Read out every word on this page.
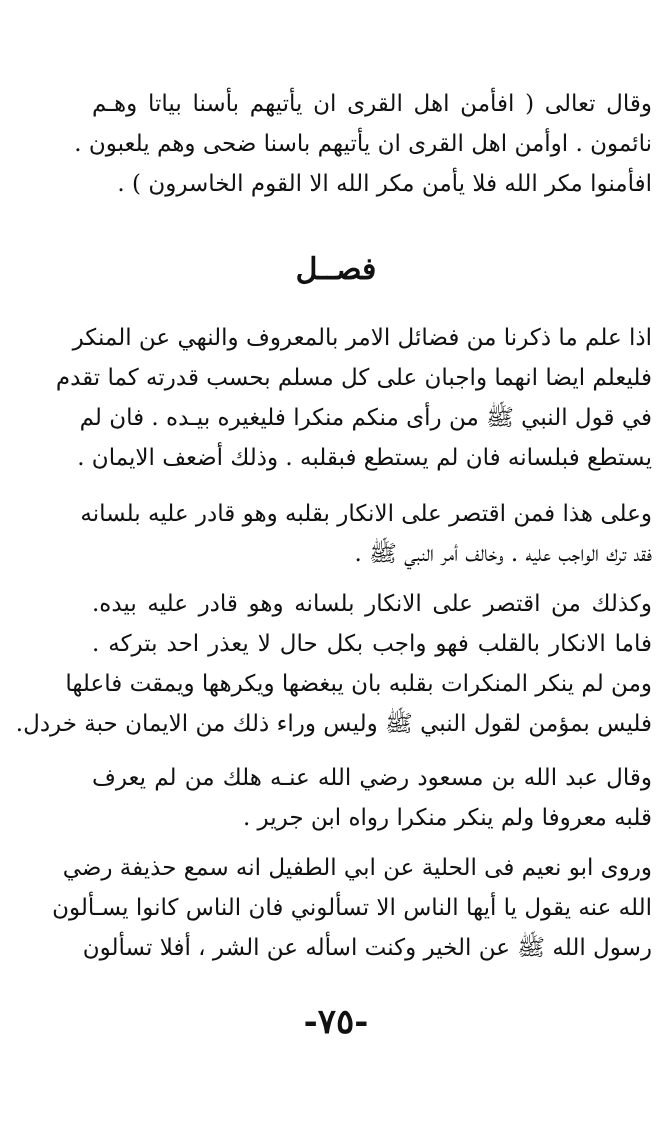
وقال تعالى ( افأمن اهل القرى ان يأتيهم بأسنا بياتا وهـم
نائمون . اوأمن اهل القرى ان يأتيهم باسنا ضحى وهم يلعبون .
افأمنوا مكر الله فلا يأمن مكر الله الا القوم الخاسرون ) .
فصــل
اذا علم ما ذكرنا من فضائل الامر بالمعروف والنهي عن المنكر
فليعلم ايضا انهما واجبان على كل مسلم بحسب قدرته كما تقدم
في قول النبي ﷺ من رأى منكم منكرا فليغيره بيـده . فان لم
يستطع فبلسانه فان لم يستطع فبقلبه . وذلك أضعف الايمان .
وعلى هذا فمن اقتصر على الانكار بقلبه وهو قادر عليه بلسانه
فقد ترك الواجب عليه . وخالف أمر النبي ﷺ .
وكذلك من اقتصر على الانكار بلسانه وهو قادر عليه بيده.
فاما الانكار بالقلب فهو واجب بكل حال لا يعذر احد بتركه .
ومن لم ينكر المنكرات بقلبه بان يبغضها ويكرهها ويمقت فاعلها
فليس بمؤمن لقول النبي ﷺ وليس وراء ذلك من الايمان حبة خردل.
وقال عبد الله بن مسعود رضي الله عنـه هلك من لم يعرف
قلبه معروفا ولم ينكر منكرا رواه ابن جرير .
وروى ابو نعيم فى الحلية عن ابي الطفيل انه سمع حذيفة رضي
الله عنه يقول يا أيها الناس الا تسألوني فان الناس كانوا يسـألون
رسول الله ﷺ عن الخير وكنت اسأله عن الشر ، أفلا تسألون
-٧٥-
